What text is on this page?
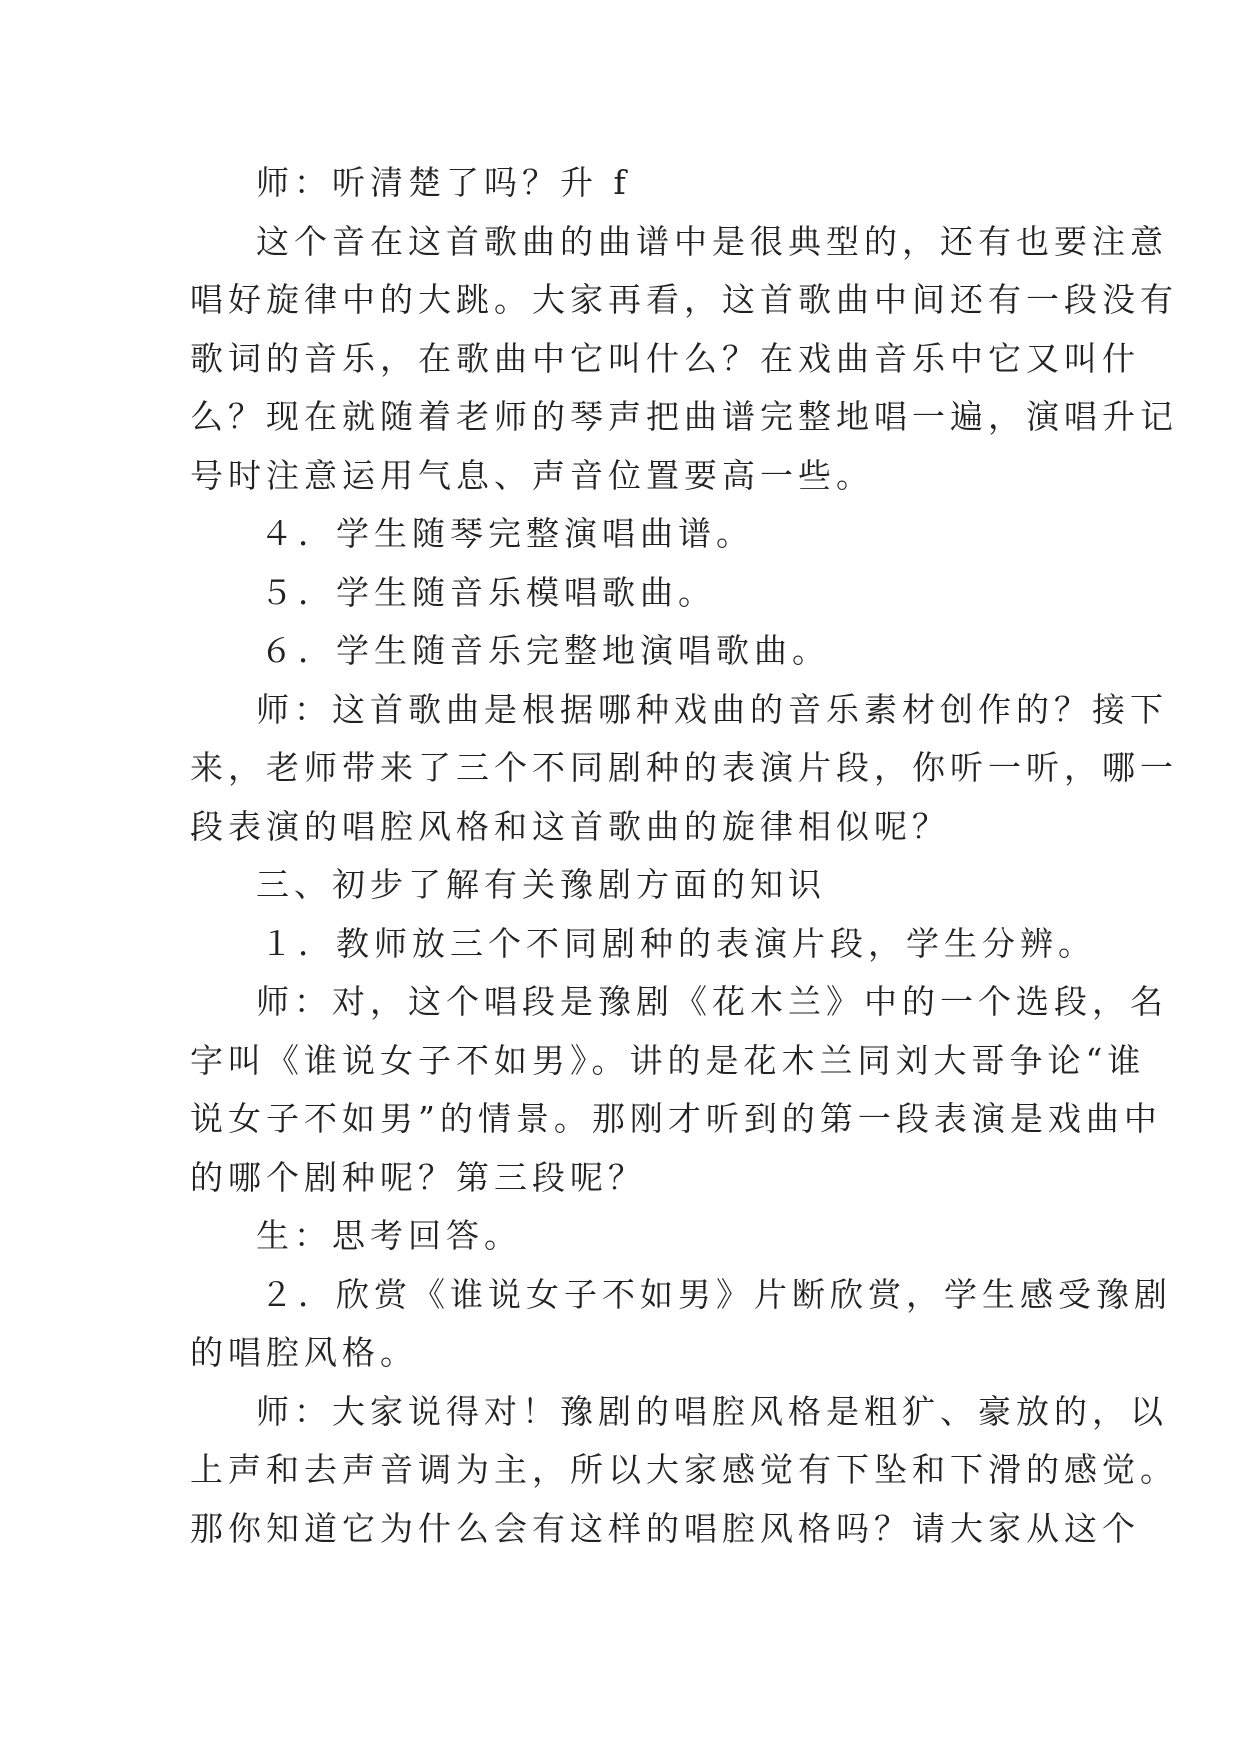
师：听清楚了吗？升 f
这个音在这首歌曲的曲谱中是很典型的，还有也要注意
唱好旋律中的大跳。大家再看，这首歌曲中间还有一段没有
歌词的音乐，在歌曲中它叫什么？在戏曲音乐中它又叫什
么？现在就随着老师的琴声把曲谱完整地唱一遍，演唱升记
号时注意运用气息、声音位置要高一些。
４．学生随琴完整演唱曲谱。
５．学生随音乐模唱歌曲。
６．学生随音乐完整地演唱歌曲。
师：这首歌曲是根据哪种戏曲的音乐素材创作的？接下
来，老师带来了三个不同剧种的表演片段，你听一听，哪一
段表演的唱腔风格和这首歌曲的旋律相似呢？
三、初步了解有关豫剧方面的知识
１．教师放三个不同剧种的表演片段，学生分辨。
师：对，这个唱段是豫剧《花木兰》中的一个选段，名
字叫《谁说女子不如男》。讲的是花木兰同刘大哥争论“谁
说女子不如男”的情景。那刚才听到的第一段表演是戏曲中
的哪个剧种呢？第三段呢？
生：思考回答。
２．欣赏《谁说女子不如男》片断欣赏，学生感受豫剧
的唱腔风格。
师：大家说得对！豫剧的唱腔风格是粗犷、豪放的，以
上声和去声音调为主，所以大家感觉有下坠和下滑的感觉。
那你知道它为什么会有这样的唱腔风格吗？请大家从这个
